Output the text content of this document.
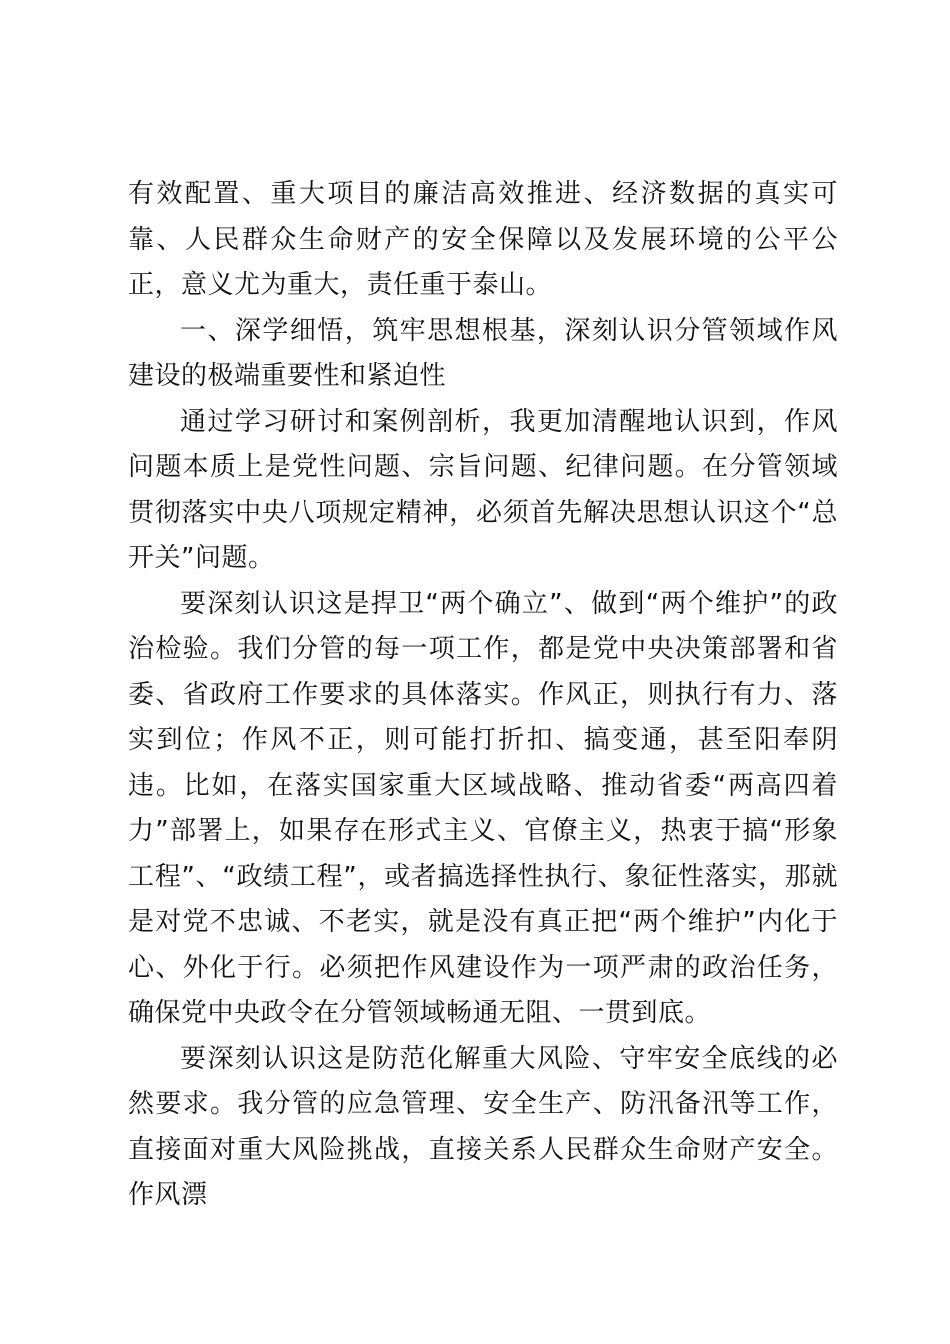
有效配置、重大项目的廉洁高效推进、经济数据的真实可靠、人民群众生命财产的安全保障以及发展环境的公平公正，意义尤为重大，责任重于泰山。

一、深学细悟，筑牢思想根基，深刻认识分管领域作风建设的极端重要性和紧迫性

通过学习研讨和案例剖析，我更加清醒地认识到，作风问题本质上是党性问题、宗旨问题、纪律问题。在分管领域贯彻落实中央八项规定精神，必须首先解决思想认识这个“总开关”问题。

要深刻认识这是捍卫“两个确立”、做到“两个维护”的政治检验。我们分管的每一项工作，都是党中央决策部署和省委、省政府工作要求的具体落实。作风正，则执行有力、落实到位；作风不正，则可能打折扣、搞变通，甚至阳奉阴违。比如，在落实国家重大区域战略、推动省委“两高四着力”部署上，如果存在形式主义、官僚主义，热衷于搞“形象工程”、“政绩工程”，或者搞选择性执行、象征性落实，那就是对党不忠诚、不老实，就是没有真正把“两个维护”内化于心、外化于行。必须把作风建设作为一项严肃的政治任务，确保党中央政令在分管领域畅通无阻、一贯到底。

要深刻认识这是防范化解重大风险、守牢安全底线的必然要求。我分管的应急管理、安全生产、防汛备汛等工作，直接面对重大风险挑战，直接关系人民群众生命财产安全。作风漂
